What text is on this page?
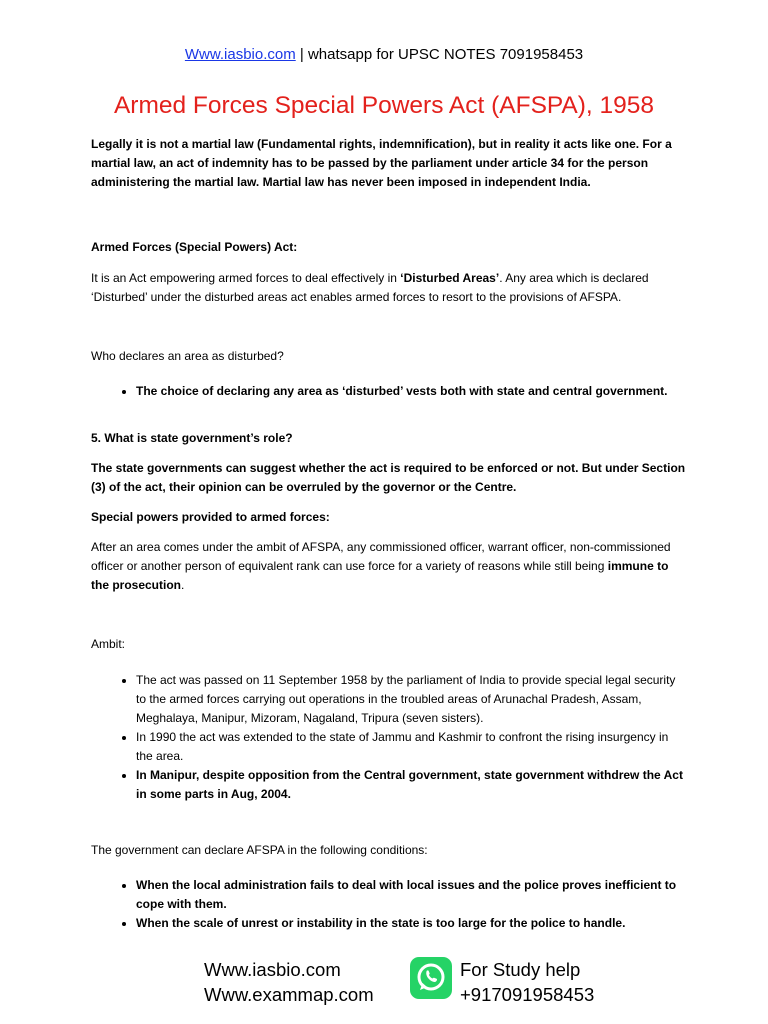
Www.iasbio.com | whatsapp for UPSC NOTES 7091958453
Armed Forces Special Powers Act (AFSPA), 1958

Legally it is not a martial law (Fundamental rights, indemnification), but in reality it acts like one. For a martial law, an act of indemnity has to be passed by the parliament under article 34 for the person administering the martial law. Martial law has never been imposed in independent India.

Armed Forces (Special Powers) Act:

It is an Act empowering armed forces to deal effectively in ‘Disturbed Areas’. Any area which is declared ‘Disturbed’ under the disturbed areas act enables armed forces to resort to the provisions of AFSPA.

Who declares an area as disturbed?

• The choice of declaring any area as ‘disturbed’ vests both with state and central government.

5. What is state government’s role?

The state governments can suggest whether the act is required to be enforced or not. But under Section (3) of the act, their opinion can be overruled by the governor or the Centre.

Special powers provided to armed forces:

After an area comes under the ambit of AFSPA, any commissioned officer, warrant officer, non-commissioned officer or another person of equivalent rank can use force for a variety of reasons while still being immune to the prosecution.

Ambit:

• The act was passed on 11 September 1958 by the parliament of India to provide special legal security to the armed forces carrying out operations in the troubled areas of Arunachal Pradesh, Assam, Meghalaya, Manipur, Mizoram, Nagaland, Tripura (seven sisters).
• In 1990 the act was extended to the state of Jammu and Kashmir to confront the rising insurgency in the area.
• In Manipur, despite opposition from the Central government, state government withdrew the Act in some parts in Aug, 2004.

The government can declare AFSPA in the following conditions:

• When the local administration fails to deal with local issues and the police proves inefficient to cope with them.
• When the scale of unrest or instability in the state is too large for the police to handle.
Www.iasbio.com
Www.exammap.com
For Study help
+917091958453
